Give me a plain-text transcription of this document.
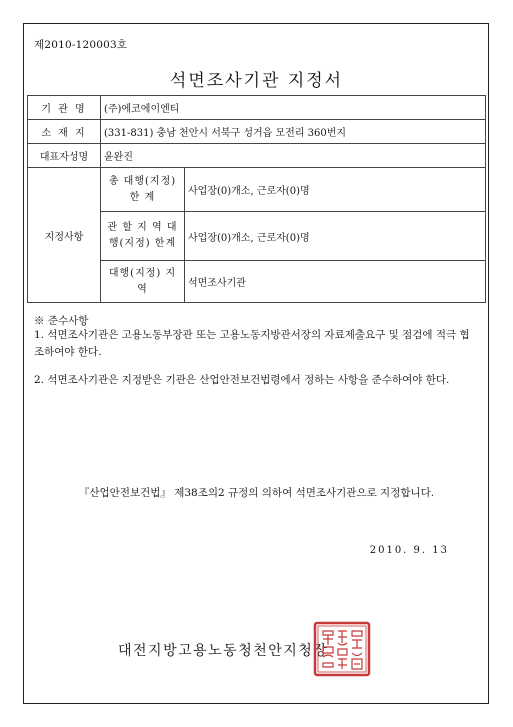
제2010-120003호
석면조사기관 지정서
기 관 명	(주)에코에이엔티	
소 재 지	(331-831) 충남 천안시 서북구 성거읍 모전리 360번지	
대표자성명	윤완진	
지정사항	총 대행(지정) 한 계	사업장(0)개소, 근로자(0)명
	관 할 지 역 대행(지정) 한계	사업장(0)개소, 근로자(0)명
	대행(지정) 지역	석면조사기관
※ 준수사항
1. 석면조사기관은 고용노동부장관 또는 고용노동지방관서장의 자료제출요구 및 점검에 적극 협조하여야 한다.
2. 석면조사기관은 지정받은 기관은 산업안전보건법령에서 정하는 사항을 준수하여야 한다.
『산업안전보건법』 제38조의2 규정의 의하여 석면조사기관으로 지정합니다.
2010. 9. 13
대전지방고용노동청천안지청장
